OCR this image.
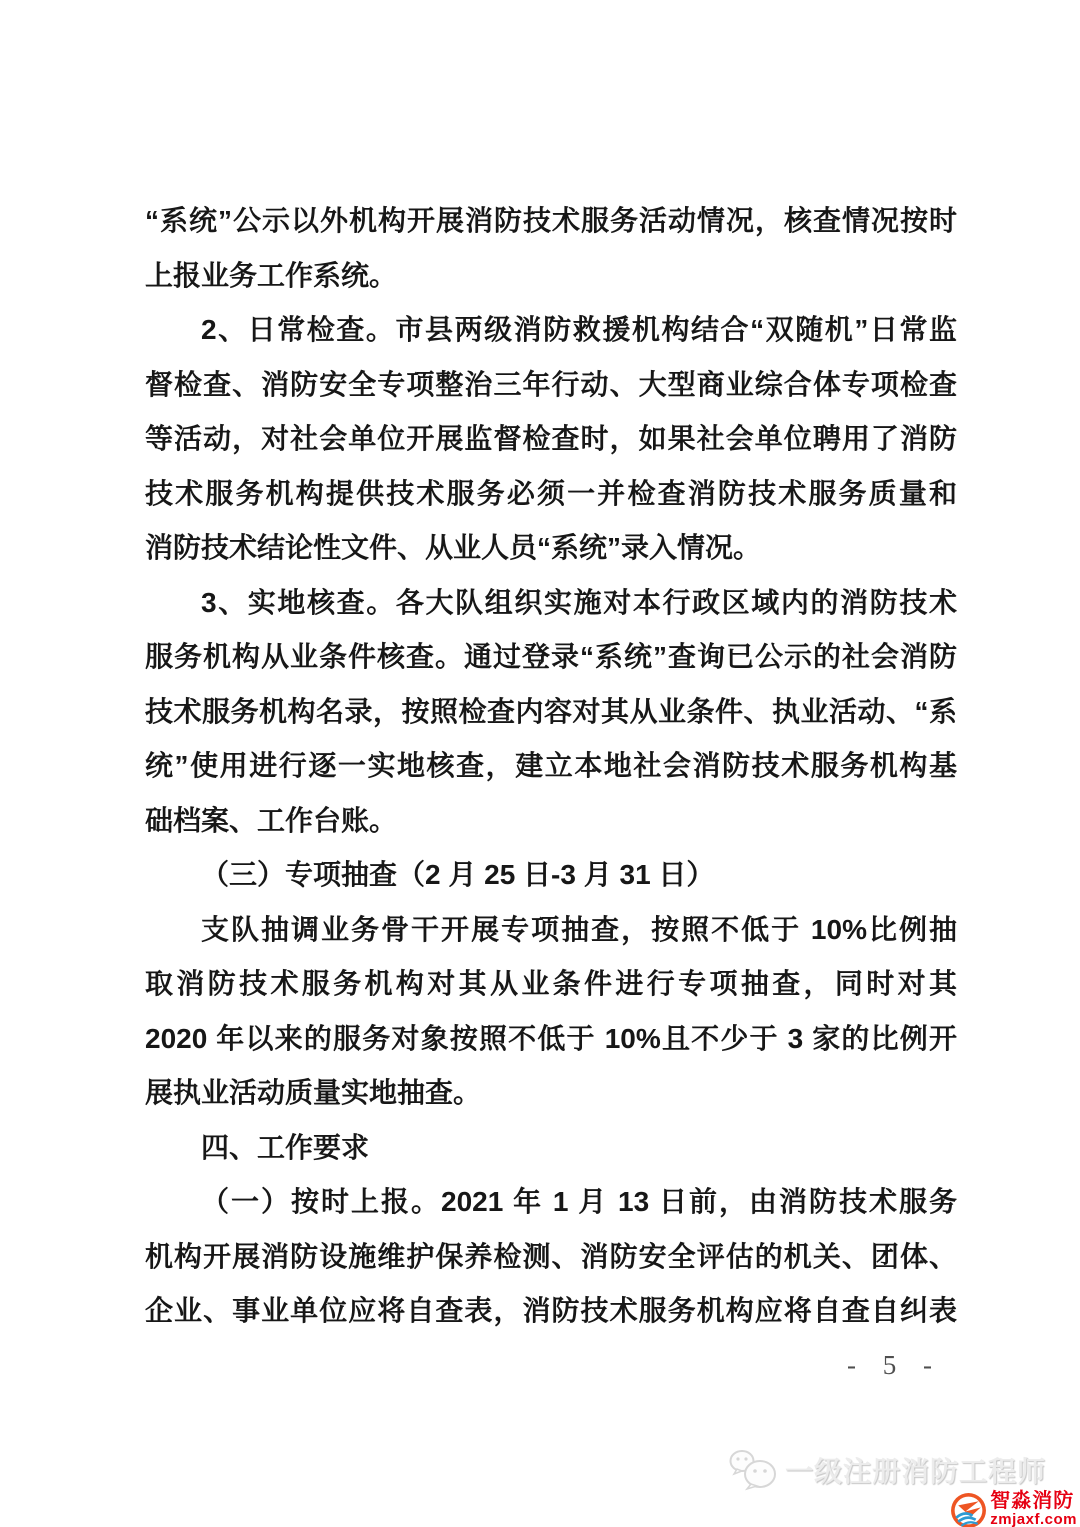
“系统”公示以外机构开展消防技术服务活动情况，核查情况按时
上报业务工作系统。
2、日常检查。市县两级消防救援机构结合“双随机”日常监
督检查、消防安全专项整治三年行动、大型商业综合体专项检查
等活动，对社会单位开展监督检查时，如果社会单位聘用了消防
技术服务机构提供技术服务必须一并检查消防技术服务质量和
消防技术结论性文件、从业人员“系统”录入情况。
3、实地核查。各大队组织实施对本行政区域内的消防技术
服务机构从业条件核查。通过登录“系统”查询已公示的社会消防
技术服务机构名录，按照检查内容对其从业条件、执业活动、“系
统”使用进行逐一实地核查，建立本地社会消防技术服务机构基
础档案、工作台账。
（三）专项抽查（2 月 25 日-3 月 31 日）
支队抽调业务骨干开展专项抽查，按照不低于 10%比例抽
取消防技术服务机构对其从业条件进行专项抽查，同时对其
2020 年以来的服务对象按照不低于 10%且不少于 3 家的比例开
展执业活动质量实地抽查。
四、工作要求
（一）按时上报。2021 年 1 月 13 日前，由消防技术服务
机构开展消防设施维护保养检测、消防安全评估的机关、团体、
企业、事业单位应将自查表，消防技术服务机构应将自查自纠表
- 5 -
一级注册消防工程师
智淼消防
zmjaxf.com
